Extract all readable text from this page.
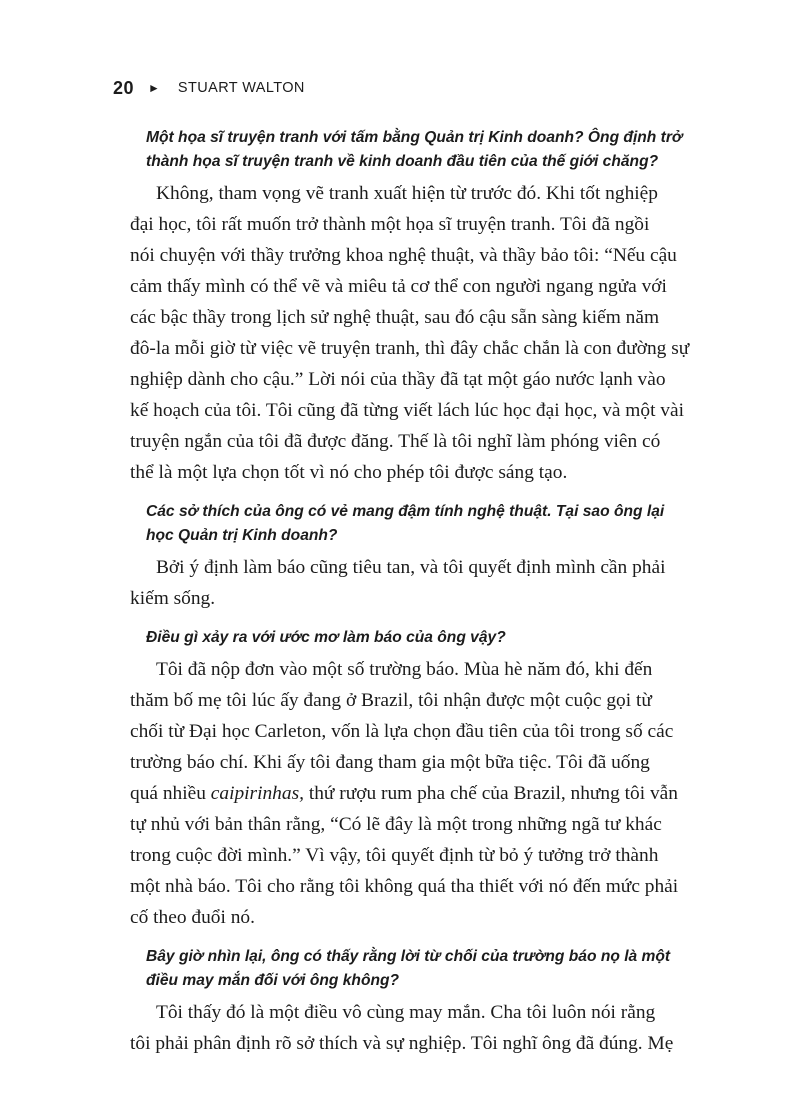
20 ► STUART WALTON
Một họa sĩ truyện tranh với tấm bằng Quản trị Kinh doanh? Ông định trở
thành họa sĩ truyện tranh về kinh doanh đầu tiên của thế giới chăng?
Không, tham vọng vẽ tranh xuất hiện từ trước đó. Khi tốt nghiệp
đại học, tôi rất muốn trở thành một họa sĩ truyện tranh. Tôi đã ngồi
nói chuyện với thầy trưởng khoa nghệ thuật, và thầy bảo tôi: “Nếu cậu
cảm thấy mình có thể vẽ và miêu tả cơ thể con người ngang ngửa với
các bậc thầy trong lịch sử nghệ thuật, sau đó cậu sẵn sàng kiếm năm
đô-la mỗi giờ từ việc vẽ truyện tranh, thì đây chắc chắn là con đường sự
nghiệp dành cho cậu.” Lời nói của thầy đã tạt một gáo nước lạnh vào
kế hoạch của tôi. Tôi cũng đã từng viết lách lúc học đại học, và một vài
truyện ngắn của tôi đã được đăng. Thế là tôi nghĩ làm phóng viên có
thể là một lựa chọn tốt vì nó cho phép tôi được sáng tạo.
Các sở thích của ông có vẻ mang đậm tính nghệ thuật. Tại sao ông lại
học Quản trị Kinh doanh?
Bởi ý định làm báo cũng tiêu tan, và tôi quyết định mình cần phải
kiếm sống.
Điều gì xảy ra với ước mơ làm báo của ông vậy?
Tôi đã nộp đơn vào một số trường báo. Mùa hè năm đó, khi đến
thăm bố mẹ tôi lúc ấy đang ở Brazil, tôi nhận được một cuộc gọi từ
chối từ Đại học Carleton, vốn là lựa chọn đầu tiên của tôi trong số các
trường báo chí. Khi ấy tôi đang tham gia một bữa tiệc. Tôi đã uống
quá nhiều caipirinhas, thứ rượu rum pha chế của Brazil, nhưng tôi vẫn
tự nhủ với bản thân rằng, “Có lẽ đây là một trong những ngã tư khác
trong cuộc đời mình.” Vì vậy, tôi quyết định từ bỏ ý tưởng trở thành
một nhà báo. Tôi cho rằng tôi không quá tha thiết với nó đến mức phải
cố theo đuổi nó.
Bây giờ nhìn lại, ông có thấy rằng lời từ chối của trường báo nọ là một
điều may mắn đối với ông không?
Tôi thấy đó là một điều vô cùng may mắn. Cha tôi luôn nói rằng
tôi phải phân định rõ sở thích và sự nghiệp. Tôi nghĩ ông đã đúng. Mẹ
